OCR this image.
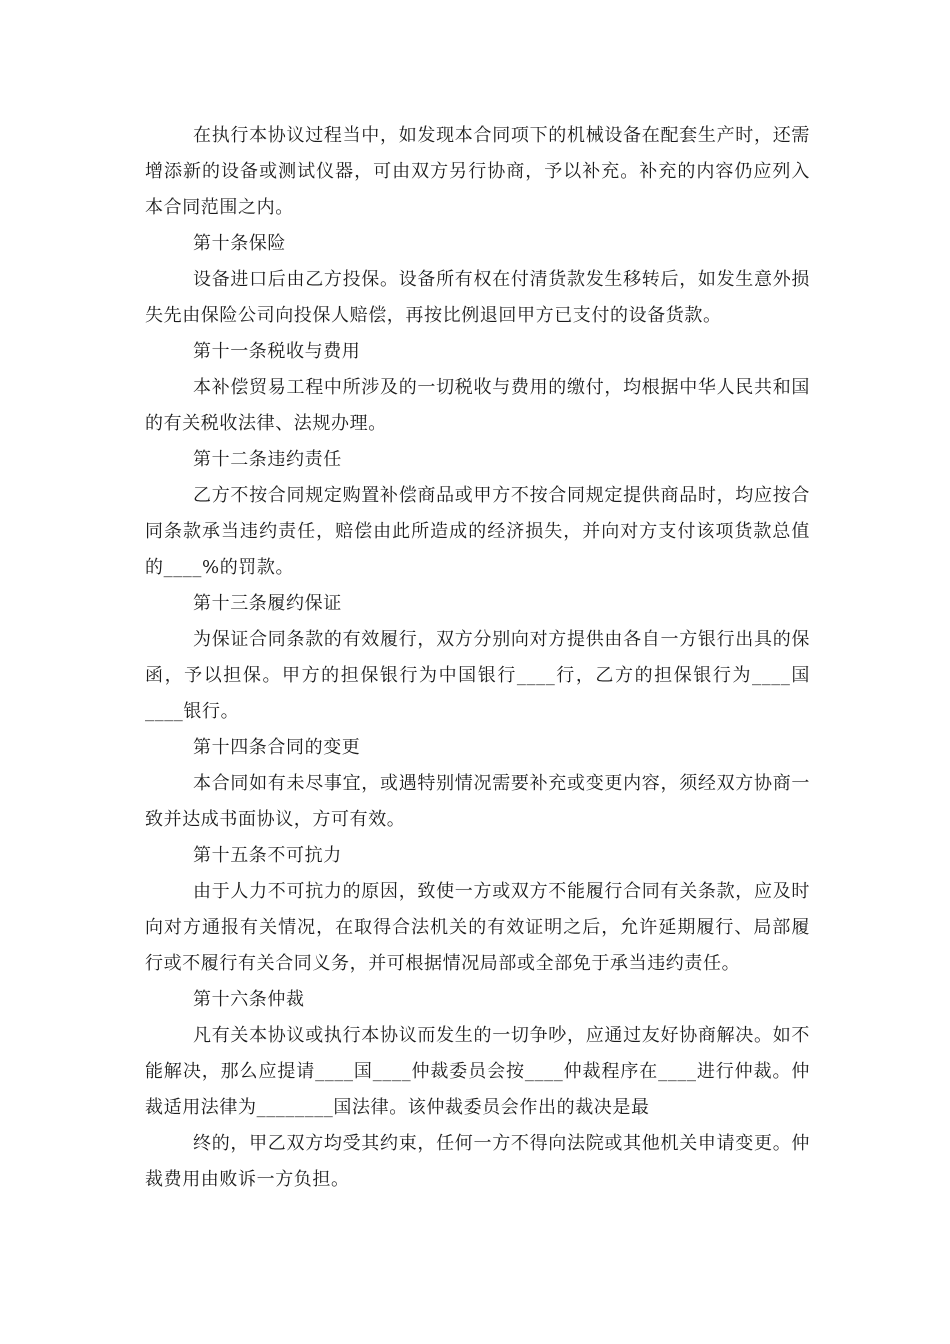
在执行本协议过程当中，如发现本合同项下的机械设备在配套生产时，还需增添新的设备或测试仪器，可由双方另行协商，予以补充。补充的内容仍应列入本合同范围之内。

第十条保险

设备进口后由乙方投保。设备所有权在付清货款发生移转后，如发生意外损失先由保险公司向投保人赔偿，再按比例退回甲方已支付的设备货款。

第十一条税收与费用

本补偿贸易工程中所涉及的一切税收与费用的缴付，均根据中华人民共和国的有关税收法律、法规办理。

第十二条违约责任

乙方不按合同规定购置补偿商品或甲方不按合同规定提供商品时，均应按合同条款承当违约责任，赔偿由此所造成的经济损失，并向对方支付该项货款总值的____%的罚款。

第十三条履约保证

为保证合同条款的有效履行，双方分别向对方提供由各自一方银行出具的保函，予以担保。甲方的担保银行为中国银行____行，乙方的担保银行为____国____银行。

第十四条合同的变更

本合同如有未尽事宜，或遇特别情况需要补充或变更内容，须经双方协商一致并达成书面协议，方可有效。

第十五条不可抗力

由于人力不可抗力的原因，致使一方或双方不能履行合同有关条款，应及时向对方通报有关情况，在取得合法机关的有效证明之后，允许延期履行、局部履行或不履行有关合同义务，并可根据情况局部或全部免于承当违约责任。

第十六条仲裁

凡有关本协议或执行本协议而发生的一切争吵，应通过友好协商解决。如不能解决，那么应提请____国____仲裁委员会按____仲裁程序在____进行仲裁。仲裁适用法律为________国法律。该仲裁委员会作出的裁决是最

终的，甲乙双方均受其约束，任何一方不得向法院或其他机关申请变更。仲裁费用由败诉一方负担。
